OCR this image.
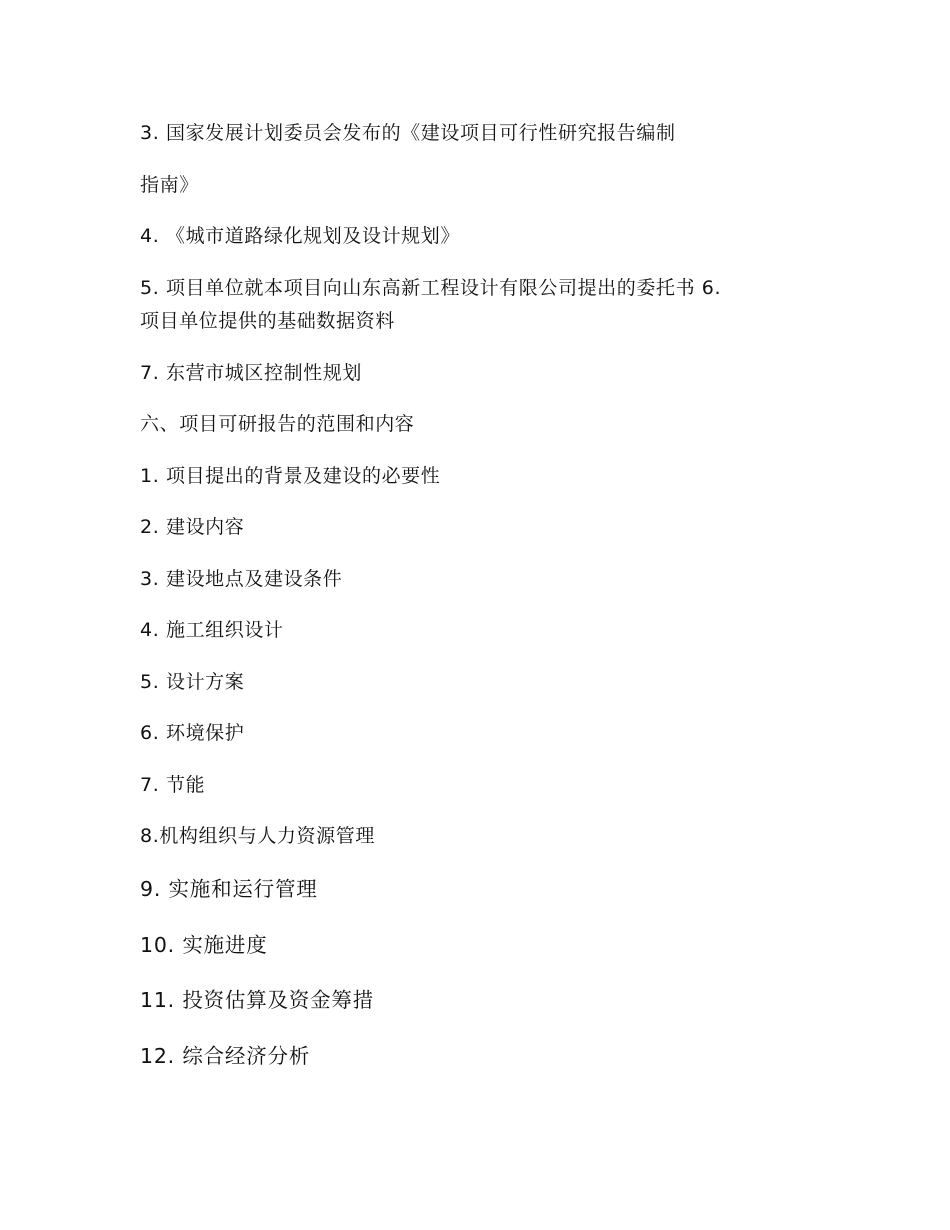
3. 国家发展计划委员会发布的《建设项目可行性研究报告编制
指南》
4. 《城市道路绿化规划及设计规划》
5. 项目单位就本项目向山东高新工程设计有限公司提出的委托书 6.
项目单位提供的基础数据资料
7. 东营市城区控制性规划
六、项目可研报告的范围和内容
1. 项目提出的背景及建设的必要性
2. 建设内容
3. 建设地点及建设条件
4. 施工组织设计
5. 设计方案
6. 环境保护
7. 节能
8.机构组织与人力资源管理
9. 实施和运行管理
10. 实施进度
11. 投资估算及资金筹措
12. 综合经济分析
